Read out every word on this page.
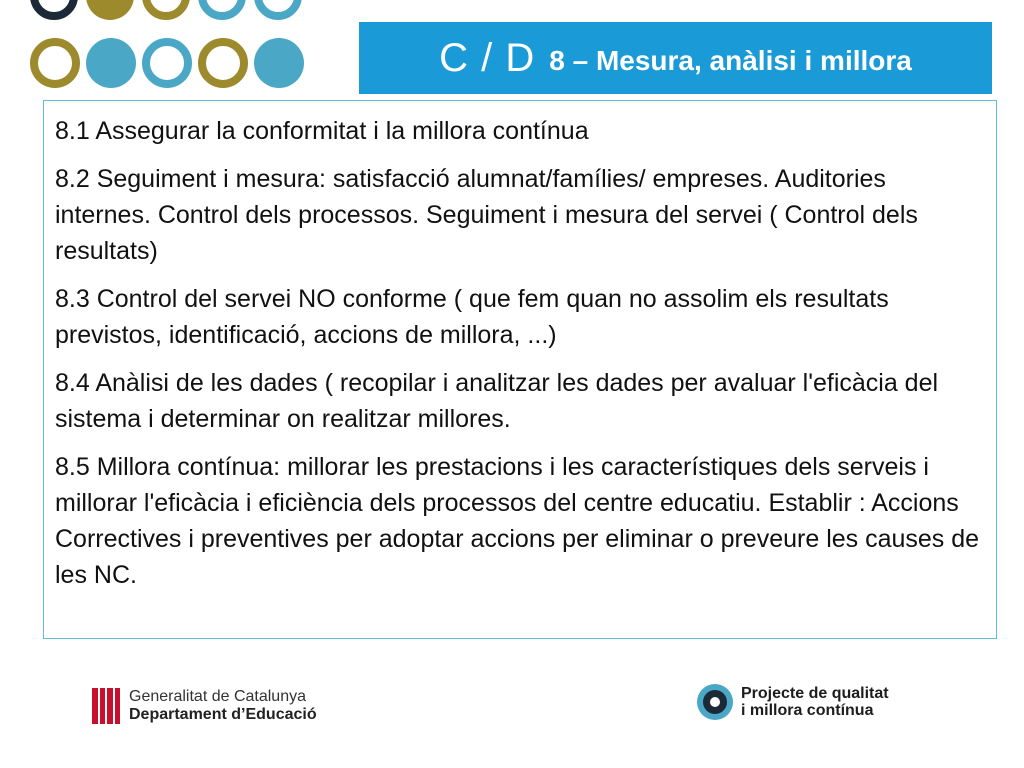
C / D 8 – Mesura, anàlisi i millora

8.1 Assegurar la conformitat i la millora contínua

8.2 Seguiment i mesura: satisfacció alumnat/famílies/ empreses. Auditories internes. Control dels processos. Seguiment i mesura del servei ( Control dels resultats)

8.3 Control del servei NO conforme ( que fem quan no assolim els resultats previstos, identificació, accions de millora, ...)

8.4 Anàlisi de les dades ( recopilar i analitzar les dades per avaluar l'eficàcia del sistema i determinar on realitzar millores.

8.5 Millora contínua: millorar les prestacions i les característiques dels serveis i millorar l'eficàcia i eficiència dels processos del centre educatiu. Establir : Accions Correctives i preventives per adoptar accions per eliminar o preveure les causes de les NC.

Generalitat de Catalunya
Departament d’Educació
Projecte de qualitat
i millora contínua
